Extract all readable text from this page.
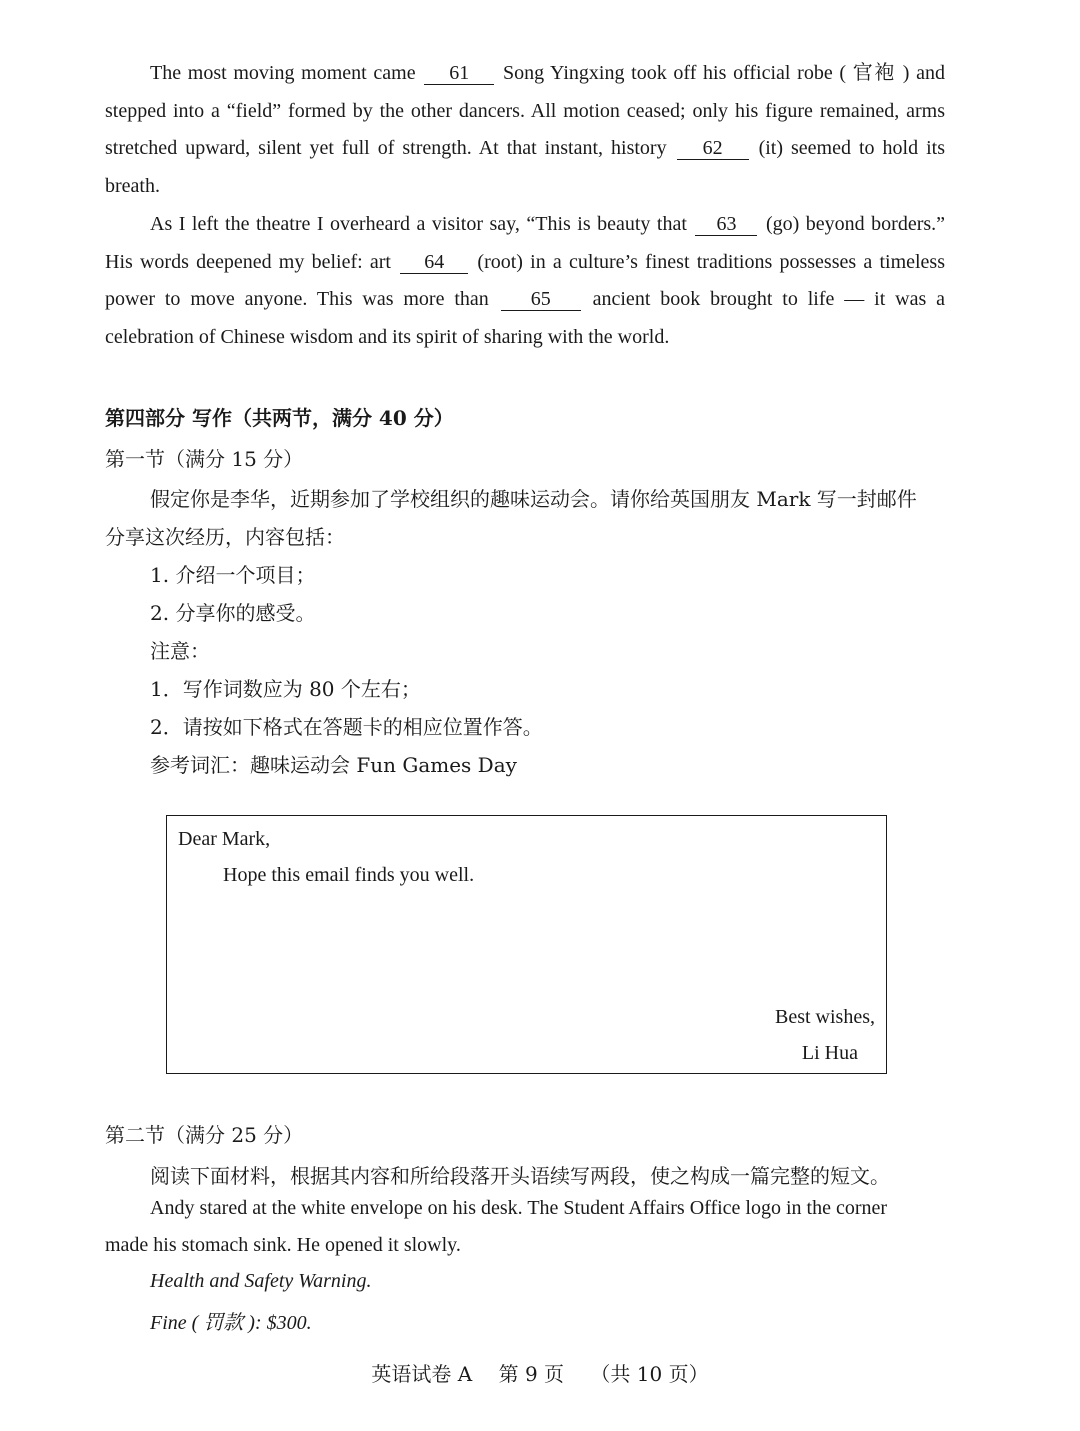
The most moving moment came 61 Song Yingxing took off his official robe ( 官袍 ) and stepped into a “field” formed by the other dancers. All motion ceased; only his figure remained, arms stretched upward, silent yet full of strength. At that instant, history 62 (it) seemed to hold its breath.

As I left the theatre I overheard a visitor say, “This is beauty that 63 (go) beyond borders.” His words deepened my belief: art 64 (root) in a culture’s finest traditions possesses a timeless power to move anyone. This was more than 65 ancient book brought to life — it was a celebration of Chinese wisdom and its spirit of sharing with the world.

第四部分 写作（共两节，满分 40 分）

第一节（满分 15 分）

假定你是李华，近期参加了学校组织的趣味运动会。请你给英国朋友 Mark 写一封邮件

分享这次经历，内容包括：

1. 介绍一个项目；

2. 分享你的感受。

注意：

1．写作词数应为 80 个左右；

2．请按如下格式在答题卡的相应位置作答。

参考词汇：趣味运动会 Fun Games Day

Dear Mark,

Hope this email finds you well.

Best wishes,

Li Hua

第二节（满分 25 分）

阅读下面材料，根据其内容和所给段落开头语续写两段，使之构成一篇完整的短文。

Andy stared at the white envelope on his desk. The Student Affairs Office logo in the corner

made his stomach sink. He opened it slowly.

Health and Safety Warning.

Fine ( 罚款 ): $300.

英语试卷 A 第 9 页 （共 10 页）
